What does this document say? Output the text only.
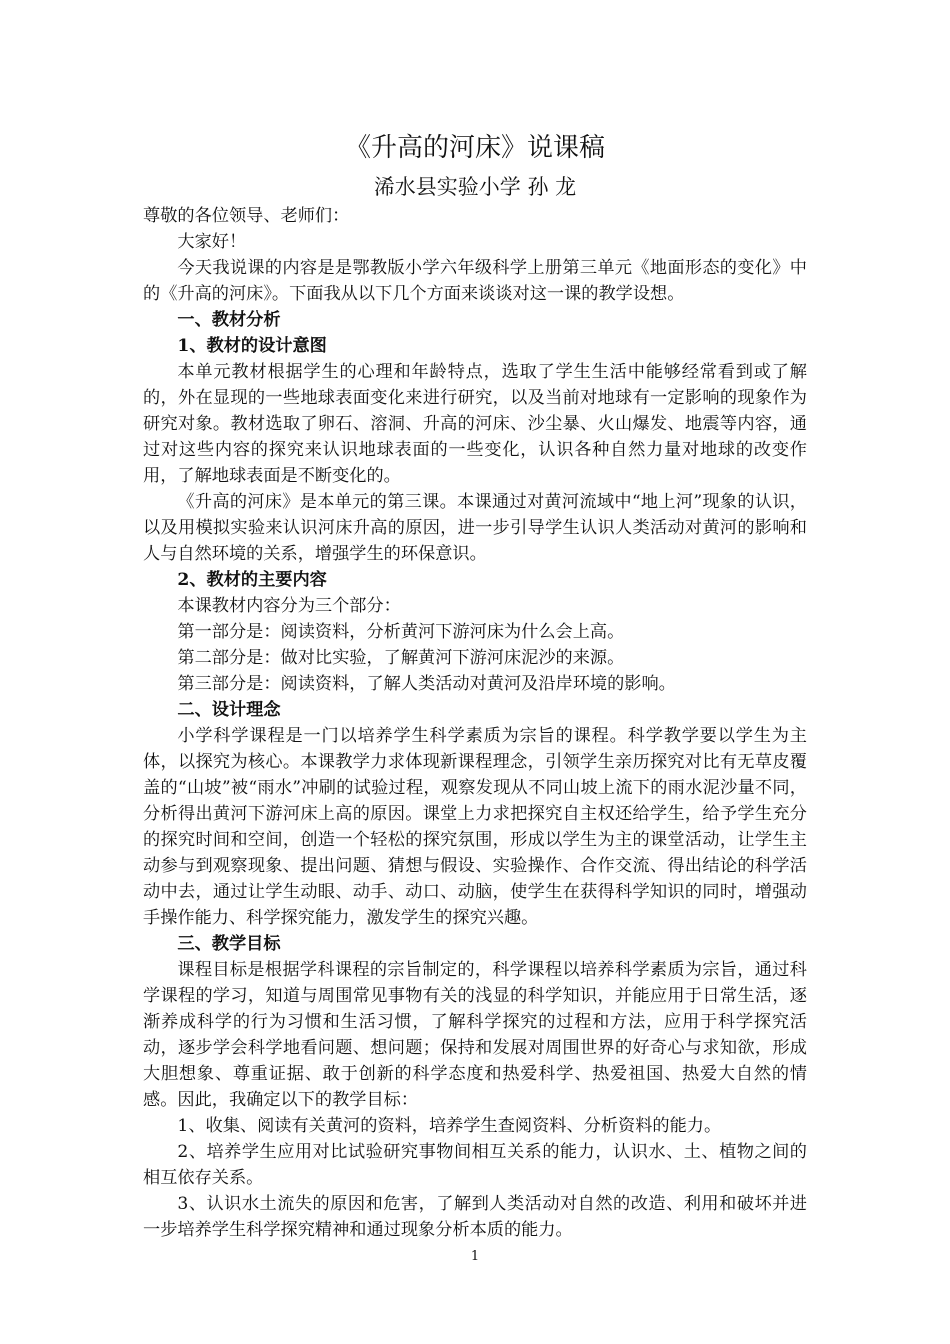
《升高的河床》说课稿
浠水县实验小学 孙 龙

尊敬的各位领导、老师们：

大家好！

今天我说课的内容是是鄂教版小学六年级科学上册第三单元《地面形态的变化》中的《升高的河床》。下面我从以下几个方面来谈谈对这一课的教学设想。

一、教材分析

1、教材的设计意图

本单元教材根据学生的心理和年龄特点，选取了学生生活中能够经常看到或了解的，外在显现的一些地球表面变化来进行研究，以及当前对地球有一定影响的现象作为研究对象。教材选取了卵石、溶洞、升高的河床、沙尘暴、火山爆发、地震等内容，通过对这些内容的探究来认识地球表面的一些变化，认识各种自然力量对地球的改变作用，了解地球表面是不断变化的。

《升高的河床》是本单元的第三课。本课通过对黄河流域中“地上河”现象的认识，以及用模拟实验来认识河床升高的原因，进一步引导学生认识人类活动对黄河的影响和人与自然环境的关系，增强学生的环保意识。

2、教材的主要内容

本课教材内容分为三个部分：

第一部分是：阅读资料，分析黄河下游河床为什么会上高。

第二部分是：做对比实验，了解黄河下游河床泥沙的来源。

第三部分是：阅读资料，了解人类活动对黄河及沿岸环境的影响。

二、设计理念

小学科学课程是一门以培养学生科学素质为宗旨的课程。科学教学要以学生为主体，以探究为核心。本课教学力求体现新课程理念，引领学生亲历探究对比有无草皮覆盖的“山坡”被“雨水”冲刷的试验过程，观察发现从不同山坡上流下的雨水泥沙量不同，分析得出黄河下游河床上高的原因。课堂上力求把探究自主权还给学生，给予学生充分的探究时间和空间，创造一个轻松的探究氛围，形成以学生为主的课堂活动，让学生主动参与到观察现象、提出问题、猜想与假设、实验操作、合作交流、得出结论的科学活动中去，通过让学生动眼、动手、动口、动脑，使学生在获得科学知识的同时，增强动手操作能力、科学探究能力，激发学生的探究兴趣。

三、教学目标

课程目标是根据学科课程的宗旨制定的，科学课程以培养科学素质为宗旨，通过科学课程的学习，知道与周围常见事物有关的浅显的科学知识，并能应用于日常生活，逐渐养成科学的行为习惯和生活习惯，了解科学探究的过程和方法，应用于科学探究活动，逐步学会科学地看问题、想问题；保持和发展对周围世界的好奇心与求知欲，形成大胆想象、尊重证据、敢于创新的科学态度和热爱科学、热爱祖国、热爱大自然的情感。因此，我确定以下的教学目标：

1、收集、阅读有关黄河的资料，培养学生查阅资料、分析资料的能力。

2、培养学生应用对比试验研究事物间相互关系的能力，认识水、土、植物之间的相互依存关系。

3、认识水土流失的原因和危害，了解到人类活动对自然的改造、利用和破坏并进一步培养学生科学探究精神和通过现象分析本质的能力。

1
